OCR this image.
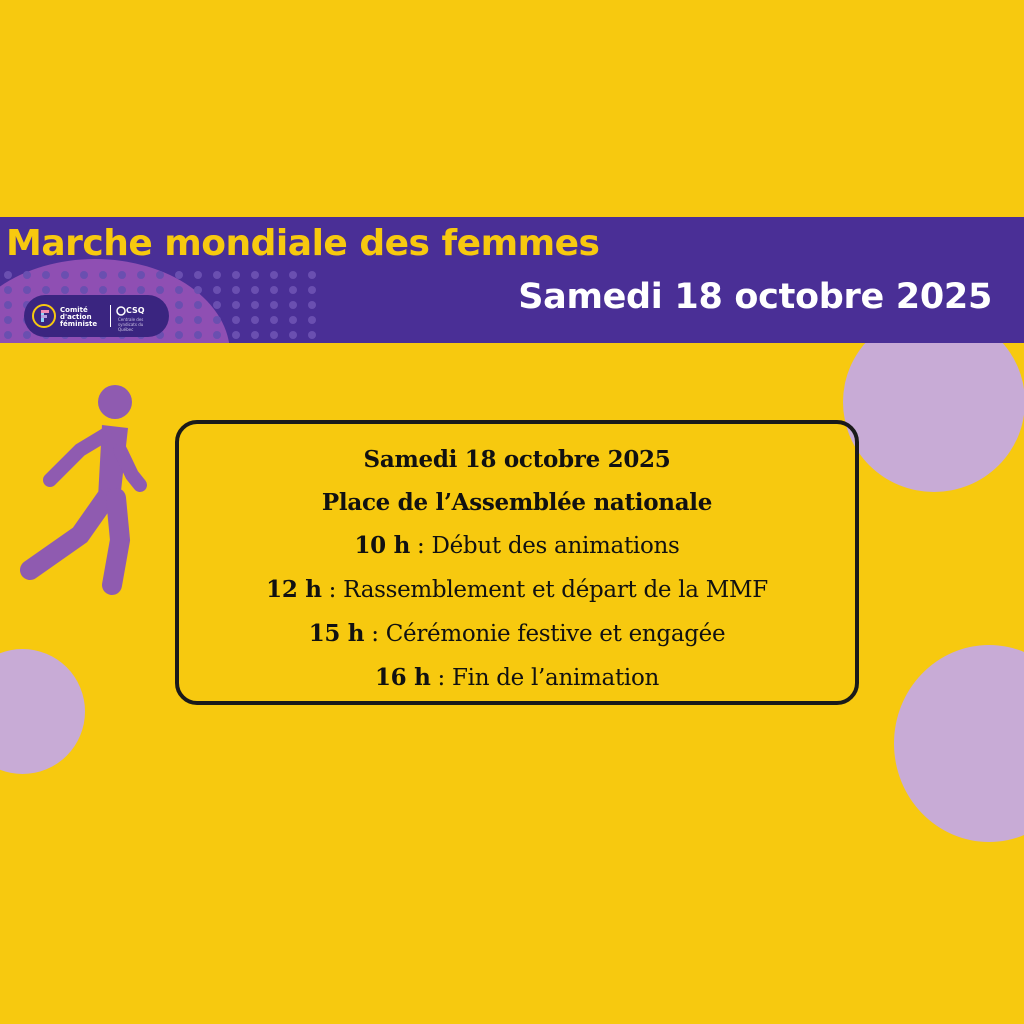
Marche mondiale des femmes
Samedi 18 octobre 2025
Comité
d'action
féministe
CSQ
Centrale des syndicats du Québec
Samedi 18 octobre 2025
Place de l’Assemblée nationale
10 h : Début des animations
12 h : Rassemblement et départ de la MMF
15 h : Cérémonie festive et engagée
16 h : Fin de l’animation
